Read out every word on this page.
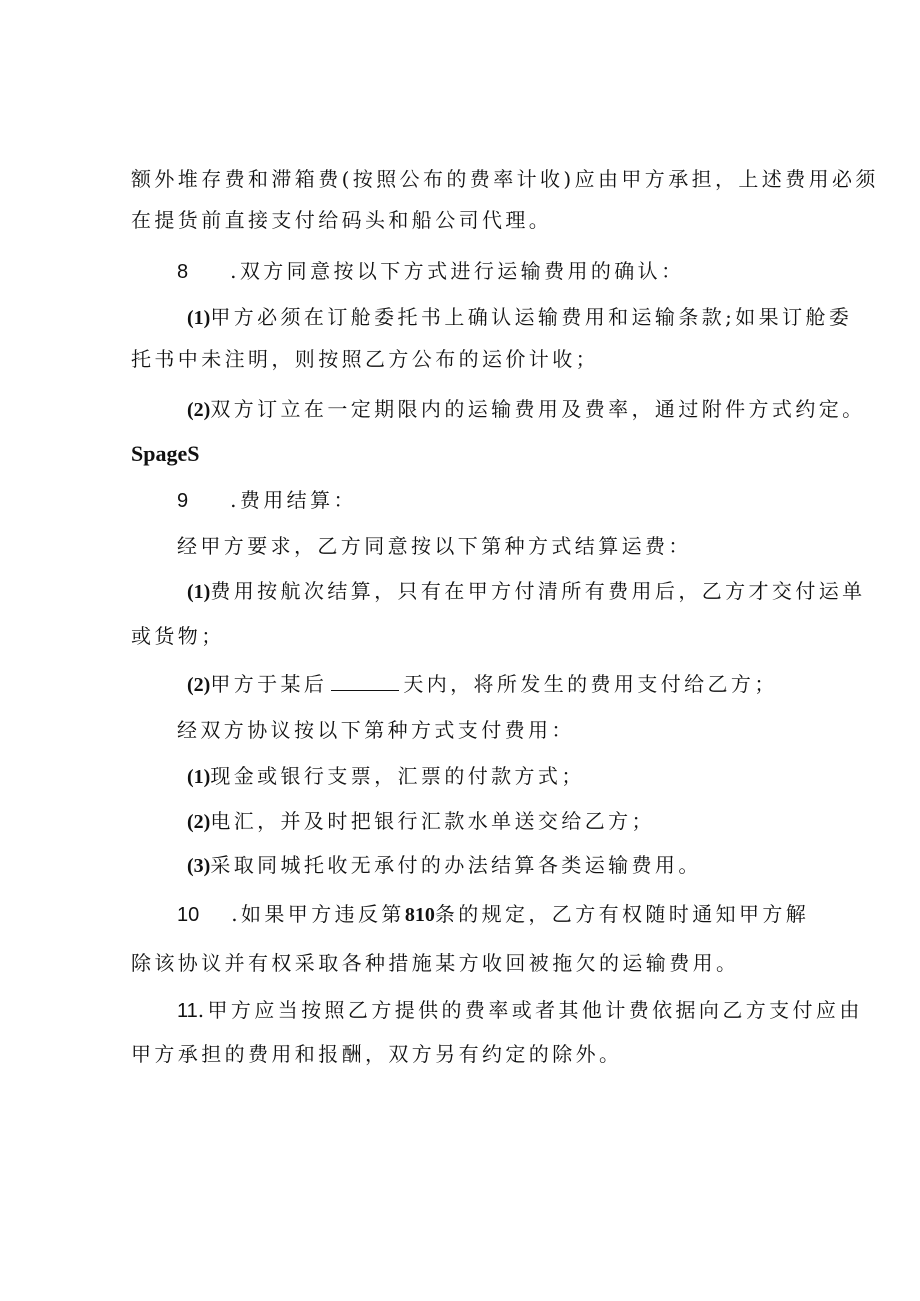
额外堆存费和滞箱费(按照公布的费率计收)应由甲方承担，上述费用必须
在提货前直接支付给码头和船公司代理。
8 .双方同意按以下方式进行运输费用的确认：
(1)甲方必须在订舱委托书上确认运输费用和运输条款;如果订舱委
托书中未注明，则按照乙方公布的运价计收；
(2)双方订立在一定期限内的运输费用及费率，通过附件方式约定。
SpageS
9 .费用结算：
经甲方要求，乙方同意按以下第种方式结算运费：
(1)费用按航次结算，只有在甲方付清所有费用后，乙方才交付运单
或货物；
(2)甲方于某后	天内，将所发生的费用支付给乙方；
经双方协议按以下第种方式支付费用：
(1)现金或银行支票，汇票的付款方式；
(2)电汇，并及时把银行汇款水单送交给乙方；
(3)采取同城托收无承付的办法结算各类运输费用。
10 .如果甲方违反第810条的规定，乙方有权随时通知甲方解
除该协议并有权采取各种措施某方收回被拖欠的运输费用。
11.甲方应当按照乙方提供的费率或者其他计费依据向乙方支付应由
甲方承担的费用和报酬，双方另有约定的除外。
